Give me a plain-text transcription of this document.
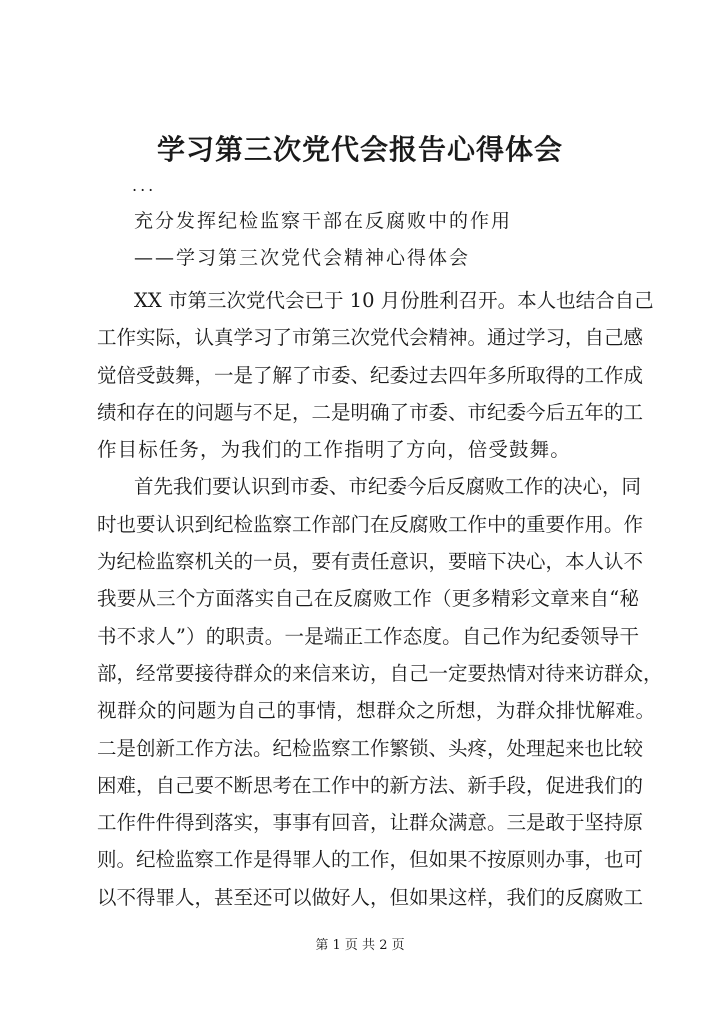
学习第三次党代会报告心得体会
...
充分发挥纪检监察干部在反腐败中的作用
——学习第三次党代会精神心得体会
XX 市第三次党代会已于 10 月份胜利召开。本人也结合自己
工作实际，认真学习了市第三次党代会精神。通过学习，自己感
觉倍受鼓舞，一是了解了市委、纪委过去四年多所取得的工作成
绩和存在的问题与不足，二是明确了市委、市纪委今后五年的工
作目标任务，为我们的工作指明了方向，倍受鼓舞。
首先我们要认识到市委、市纪委今后反腐败工作的决心，同
时也要认识到纪检监察工作部门在反腐败工作中的重要作用。作
为纪检监察机关的一员，要有责任意识，要暗下决心，本人认不
我要从三个方面落实自己在反腐败工作（更多精彩文章来自“秘
书不求人”）的职责。一是端正工作态度。自己作为纪委领导干
部，经常要接待群众的来信来访，自己一定要热情对待来访群众，
视群众的问题为自己的事情，想群众之所想，为群众排忧解难。
二是创新工作方法。纪检监察工作繁锁、头疼，处理起来也比较
困难，自己要不断思考在工作中的新方法、新手段，促进我们的
工作件件得到落实，事事有回音，让群众满意。三是敢于坚持原
则。纪检监察工作是得罪人的工作，但如果不按原则办事，也可
以不得罪人，甚至还可以做好人，但如果这样，我们的反腐败工
第 1 页 共 2 页
